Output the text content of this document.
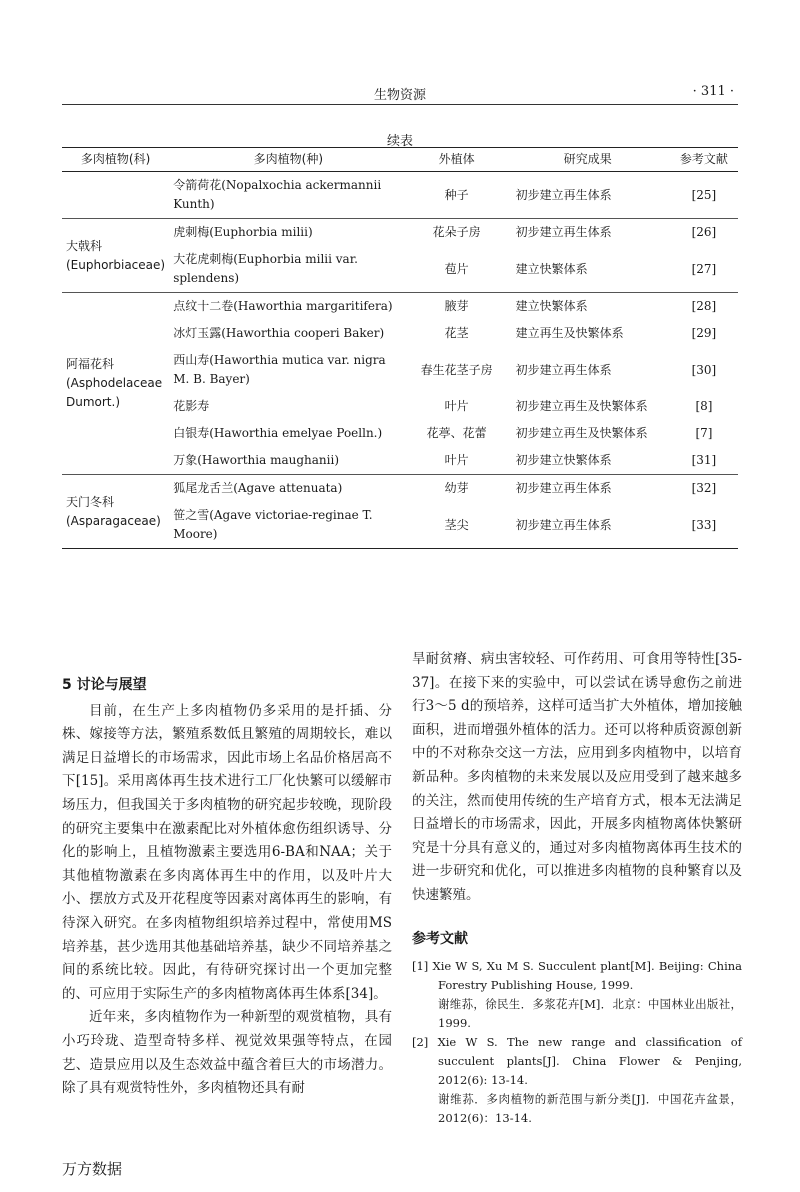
生物资源	· 311 ·
续表
多肉植物(科)	多肉植物(种)	外植体	研究成果	参考文献
	令箭荷花(Nopalxochia ackermannii Kunth)	种子	初步建立再生体系	[25]
大戟科 (Euphorbiaceae)	虎刺梅(Euphorbia milii)	花朵子房	初步建立再生体系	[26]
	大花虎刺梅(Euphorbia milii var. splendens)	苞片	建立快繁体系	[27]
阿福花科 (Asphodelaceae Dumort.)	点纹十二卷(Haworthia margaritifera)	腋芽	建立快繁体系	[28]
	冰灯玉露(Haworthia cooperi Baker)	花茎	建立再生及快繁体系	[29]
	西山寿(Haworthia mutica var. nigra M. B. Bayer)	春生花茎子房	初步建立再生体系	[30]
	花影寿	叶片	初步建立再生及快繁体系	[8]
	白银寿(Haworthia emelyae Poelln.)	花葶、花蕾	初步建立再生及快繁体系	[7]
	万象(Haworthia maughanii)	叶片	初步建立快繁体系	[31]
天门冬科 (Asparagaceae)	狐尾龙舌兰(Agave attenuata)	幼芽	初步建立再生体系	[32]
	笹之雪(Agave victoriae-reginae T. Moore)	茎尖	初步建立再生体系	[33]
5 讨论与展望

目前，在生产上多肉植物仍多采用的是扦插、分株、嫁接等方法，繁殖系数低且繁殖的周期较长，难以满足日益增长的市场需求，因此市场上名品价格居高不下[15]。采用离体再生技术进行工厂化快繁可以缓解市场压力，但我国关于多肉植物的研究起步较晚，现阶段的研究主要集中在激素配比对外植体愈伤组织诱导、分化的影响上，且植物激素主要选用6-BA和NAA；关于其他植物激素在多肉离体再生中的作用，以及叶片大小、摆放方式及开花程度等因素对离体再生的影响，有待深入研究。在多肉植物组织培养过程中，常使用MS培养基，甚少选用其他基础培养基，缺少不同培养基之间的系统比较。因此，有待研究探讨出一个更加完整的、可应用于实际生产的多肉植物离体再生体系[34]。

近年来，多肉植物作为一种新型的观赏植物，具有小巧玲珑、造型奇特多样、视觉效果强等特点，在园艺、造景应用以及生态效益中蕴含着巨大的市场潜力。除了具有观赏特性外，多肉植物还具有耐

旱耐贫瘠、病虫害较轻、可作药用、可食用等特性[35-37]。在接下来的实验中，可以尝试在诱导愈伤之前进行3～5 d的预培养，这样可适当扩大外植体，增加接触面积，进而增强外植体的活力。还可以将种质资源创新中的不对称杂交这一方法，应用到多肉植物中，以培育新品种。多肉植物的未来发展以及应用受到了越来越多的关注，然而使用传统的生产培育方式，根本无法满足日益增长的市场需求，因此，开展多肉植物离体快繁研究是十分具有意义的，通过对多肉植物离体再生技术的进一步研究和优化，可以推进多肉植物的良种繁育以及快速繁殖。

参考文献

[1] Xie W S, Xu M S. Succulent plant[M]. Beijing: China Forestry Publishing House, 1999.
谢维荪，徐民生．多浆花卉[M]．北京：中国林业出版社，1999.

[2] Xie W S. The new range and classification of succulent plants[J]. China Flower & Penjing, 2012(6): 13-14.
谢维荪．多肉植物的新范围与新分类[J]．中国花卉盆景，2012(6)：13-14.

万方数据
